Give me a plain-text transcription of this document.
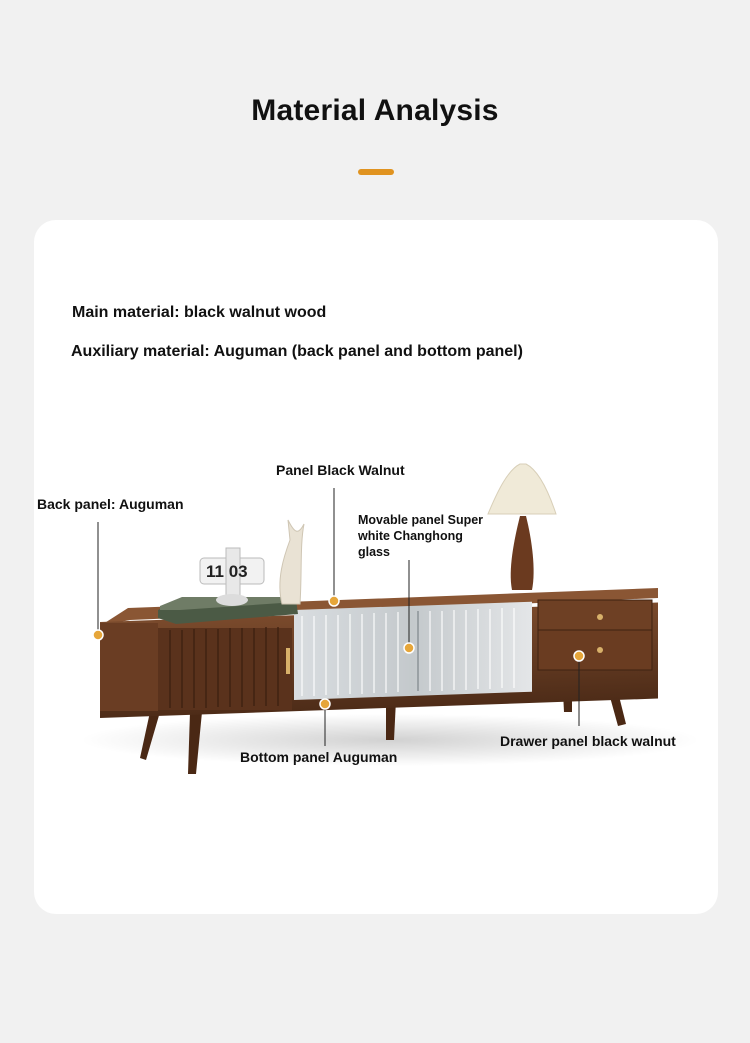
Material Analysis
Main material: black walnut wood
Auxiliary material: Auguman (back panel and bottom panel)
11 03
Panel Black Walnut
Back panel: Auguman
Movable panel Super white Changhong glass
Bottom panel Auguman
Drawer panel black walnut
